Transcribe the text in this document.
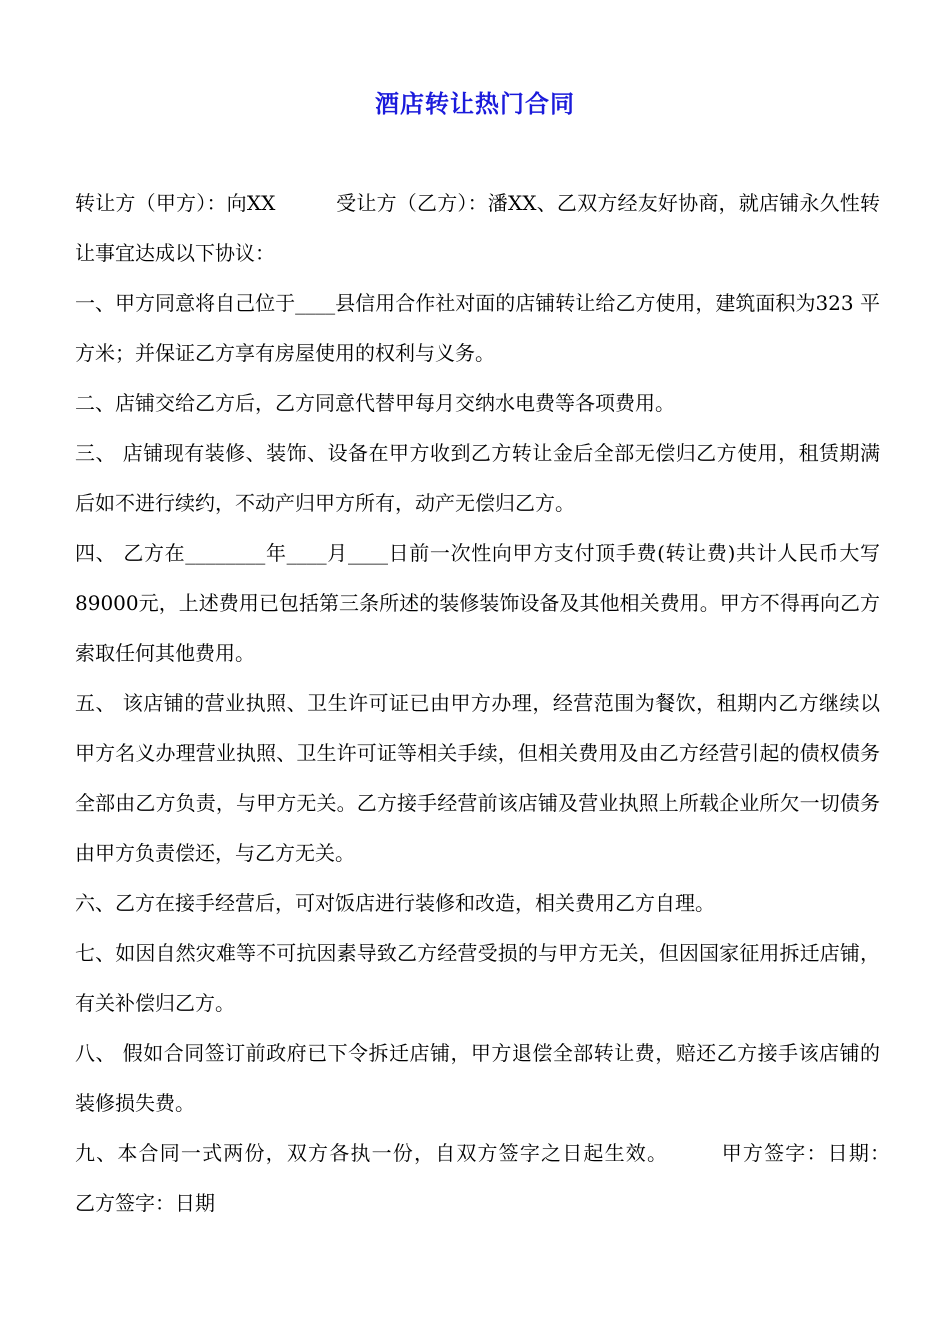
酒店转让热门合同

转让方（甲方）：向XX　　　受让方（乙方）：潘XX、乙双方经友好协商，就店铺永久性转让事宜达成以下协议：

一、甲方同意将自己位于____县信用合作社对面的店铺转让给乙方使用，建筑面积为323 平方米；并保证乙方享有房屋使用的权利与义务。

二、店铺交给乙方后，乙方同意代替甲每月交纳水电费等各项费用。

三、 店铺现有装修、装饰、设备在甲方收到乙方转让金后全部无偿归乙方使用，租赁期满后如不进行续约，不动产归甲方所有，动产无偿归乙方。

四、 乙方在________年____月____日前一次性向甲方支付顶手费(转让费)共计人民币大写 89000元，上述费用已包括第三条所述的装修装饰设备及其他相关费用。甲方不得再向乙方索取任何其他费用。

五、 该店铺的营业执照、卫生许可证已由甲方办理，经营范围为餐饮，租期内乙方继续以甲方名义办理营业执照、卫生许可证等相关手续，但相关费用及由乙方经营引起的债权债务全部由乙方负责，与甲方无关。乙方接手经营前该店铺及营业执照上所载企业所欠一切债务由甲方负责偿还，与乙方无关。

六、乙方在接手经营后，可对饭店进行装修和改造，相关费用乙方自理。

七、如因自然灾难等不可抗因素导致乙方经营受损的与甲方无关，但因国家征用拆迁店铺，有关补偿归乙方。

八、 假如合同签订前政府已下令拆迁店铺，甲方退偿全部转让费，赔还乙方接手该店铺的装修损失费。

九、本合同一式两份，双方各执一份，自双方签字之日起生效。　　　甲方签字：日期：　　 乙方签字：日期
